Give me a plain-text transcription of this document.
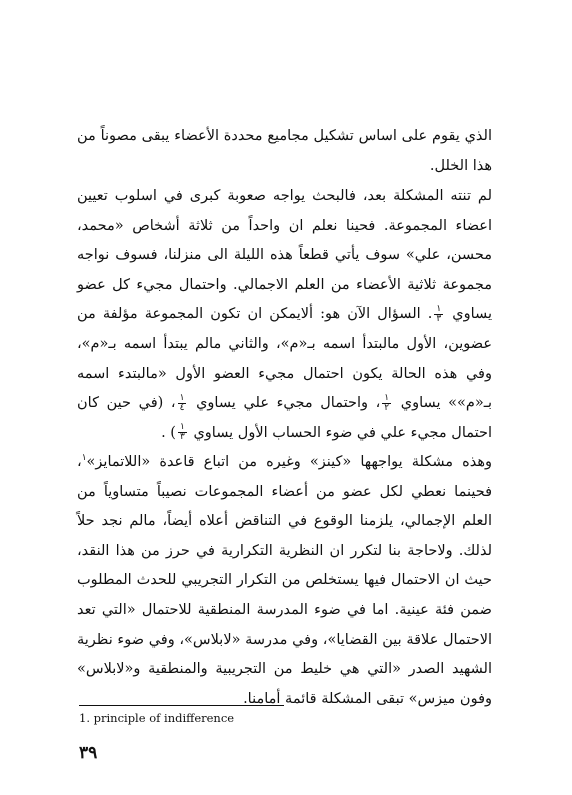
الذي يقوم على اساس تشكيل مجاميع محددة الأعضاء يبقى مصوناً من هذا الخلل.

لم تنته المشكلة بعد، فالبحث يواجه صعوبة كبرى في اسلوب تعيين اعضاء المجموعة. فحينا نعلم ان واحداً من ثلاثة أشخاص «محمد، محسن، علي» سوف يأتي قطعاً هذه الليلة الى منزلنا، فسوف نواجه مجموعة ثلاثية الأعضاء من العلم الاجمالي. واحتمال مجيء كل عضو يساوي
$\frac{١}{٣}$
. السؤال الآن هو: ألايمكن ان تكون المجموعة مؤلفة من عضوين، الأول مالبتدأ اسمه بـ«م»، والثاني مالم يبتدأ اسمه بـ«م»، وفي هذه الحالة يكون احتمال مجيء العضو الأول «مالبتدء اسمه بـ«م»» يساوي
$\frac{١}{٢}$
، واحتمال مجيء علي يساوي
$\frac{١}{٤}$
، (في حين كان احتمال مجيء علي في ضوء الحساب الأول يساوي
$\frac{١}{٣}$
) .

وهذه مشكلة يواجهها «كينز» وغيره من اتباع قاعدة «اللاتمايز»$^١$، فحينما نعطي لكل عضو من أعضاء المجموعات نصيباً متساوياً من العلم الإجمالي، يلزمنا الوقوع في التناقض أعلاه أيضاً، مالم نجد حلاً لذلك. ولاحاجة بنا لتكرر ان النظرية التكرارية في حرز من هذا النقد، حيث ان الاحتمال فيها يستخلص من التكرار التجريبي للحدث المطلوب ضمن فئة عينية. اما في ضوء المدرسة المنطقية للاحتمال «التي تعد الاحتمال علاقة بين القضايا»، وفي مدرسة «لابلاس»، وفي ضوء نظرية الشهيد الصدر «التي هي خليط من التجريبية والمنطقية و«لابلاس» وفون ميزس» تبقى المشكلة قائمة أمامنا.

1. principle of indifference
٣٩
